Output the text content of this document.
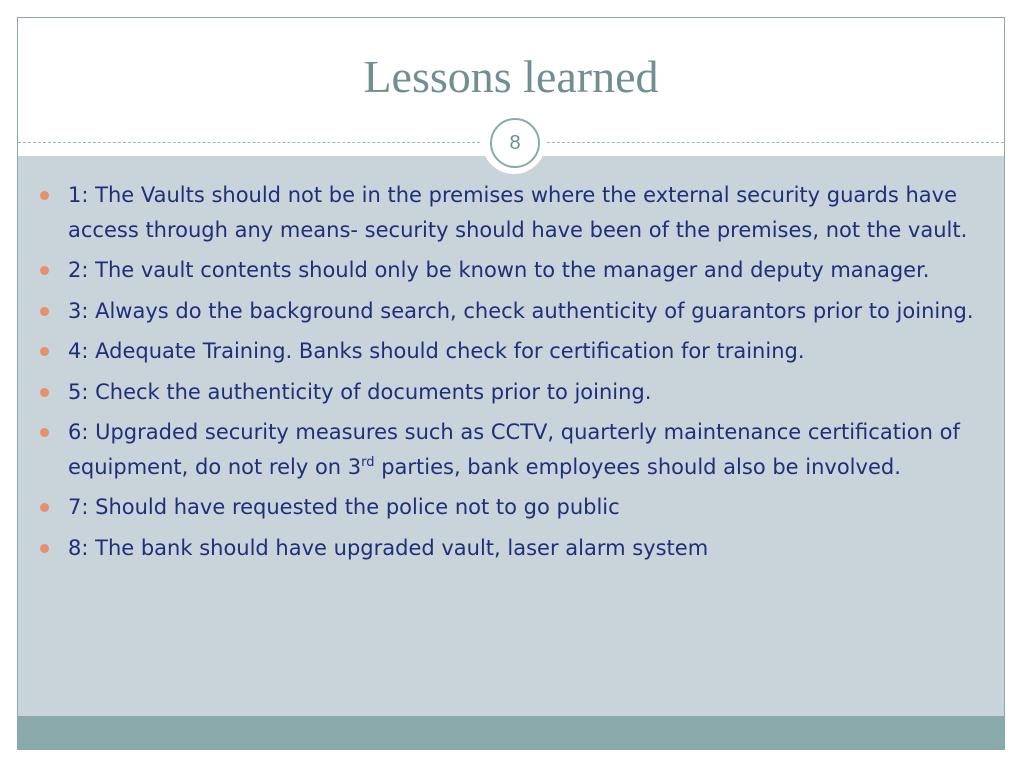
Lessons learned
8
1: The Vaults should not be in the premises where the external security guards have access through any means- security should have been of the premises, not the vault.
2: The vault contents should only be known to the manager and deputy manager.
3: Always do the background search, check authenticity of guarantors prior to joining.
4: Adequate Training. Banks should check for certification for training.
5: Check the authenticity of documents prior to joining.
6: Upgraded security measures such as CCTV, quarterly maintenance certification of equipment, do not rely on 3rd parties, bank employees should also be involved.
7: Should have requested the police not to go public
8: The bank should have upgraded vault, laser alarm system
